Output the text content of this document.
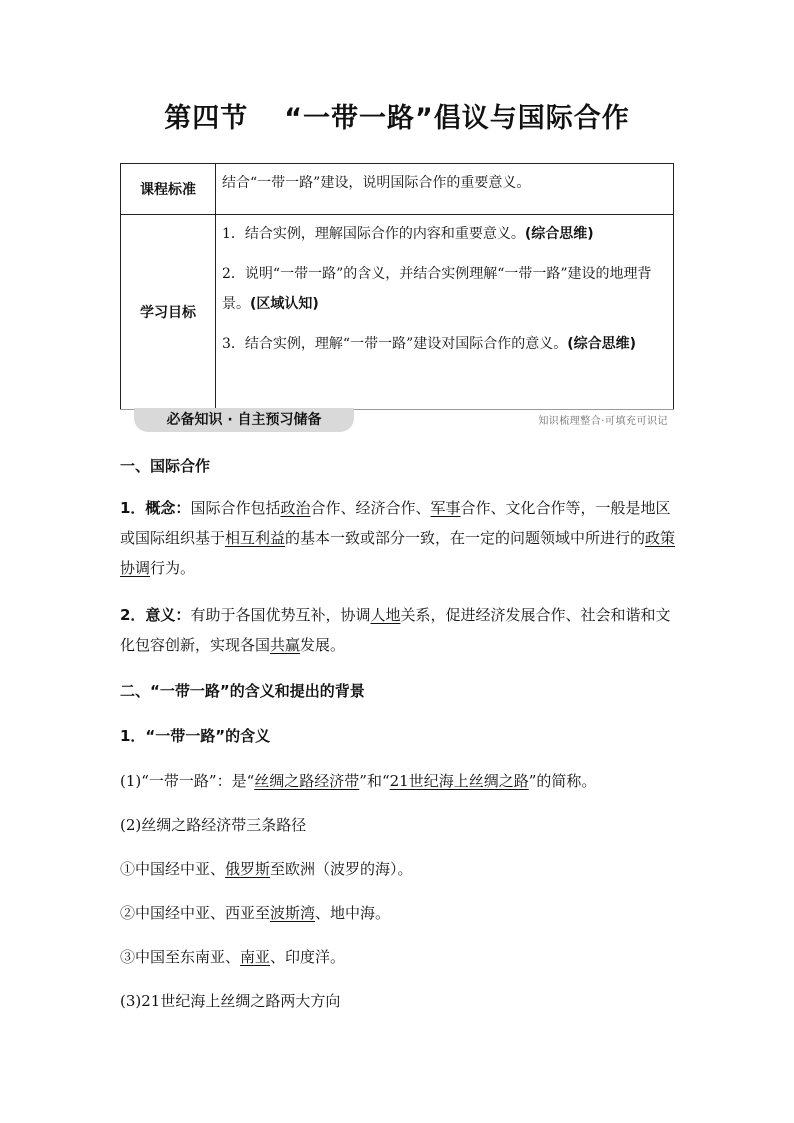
第四节 “一带一路”倡议与国际合作
课程标准	结合“一带一路”建设，说明国际合作的重要意义。
学习目标	1．结合实例，理解国际合作的内容和重要意义。(综合思维)
2．说明“一带一路”的含义，并结合实例理解“一带一路”建设的地理背景。(区域认知)
3．结合实例，理解“一带一路”建设对国际合作的意义。(综合思维)
必备知识 · 自主预习储备	知识梳理整合·可填充可识记
一、国际合作
1．概念：国际合作包括政治合作、经济合作、军事合作、文化合作等，一般是地区或国际组织基于相互利益的基本一致或部分一致，在一定的问题领域中所进行的政策协调行为。
2．意义：有助于各国优势互补，协调人地关系，促进经济发展合作、社会和谐和文化包容创新，实现各国共赢发展。
二、“一带一路”的含义和提出的背景
1．“一带一路”的含义
(1)“一带一路”：是“丝绸之路经济带”和“21世纪海上丝绸之路”的简称。
(2)丝绸之路经济带三条路径
①中国经中亚、俄罗斯至欧洲（波罗的海）。
②中国经中亚、西亚至波斯湾、地中海。
③中国至东南亚、南亚、印度洋。
(3)21世纪海上丝绸之路两大方向
